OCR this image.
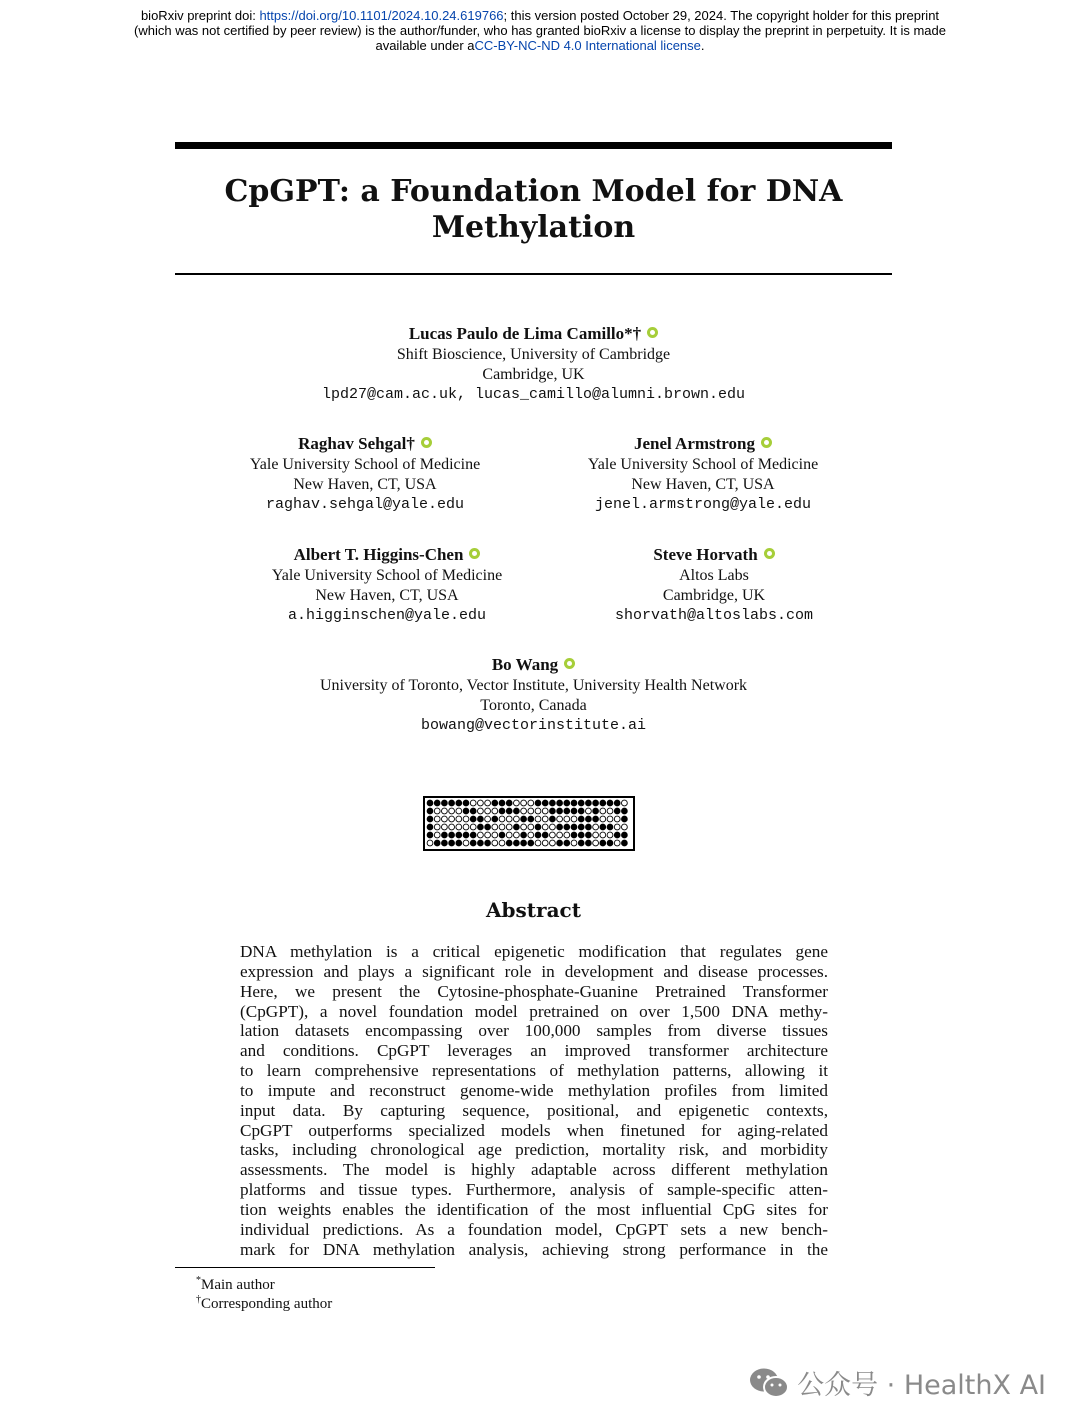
bioRxiv preprint doi: https://doi.org/10.1101/2024.10.24.619766; this version posted October 29, 2024. The copyright holder for this preprint
(which was not certified by peer review) is the author/funder, who has granted bioRxiv a license to display the preprint in perpetuity. It is made
available under aCC-BY-NC-ND 4.0 International license.
CpGPT: a Foundation Model for DNA
Methylation
Lucas Paulo de Lima Camillo*†
Shift Bioscience, University of Cambridge
Cambridge, UK
lpd27@cam.ac.uk, lucas_camillo@alumni.brown.edu
Raghav Sehgal†
Yale University School of Medicine
New Haven, CT, USA
raghav.sehgal@yale.edu
Jenel Armstrong
Yale University School of Medicine
New Haven, CT, USA
jenel.armstrong@yale.edu
Albert T. Higgins-Chen
Yale University School of Medicine
New Haven, CT, USA
a.higginschen@yale.edu
Steve Horvath
Altos Labs
Cambridge, UK
shorvath@altoslabs.com
Bo Wang
University of Toronto, Vector Institute, University Health Network
Toronto, Canada
bowang@vectorinstitute.ai
Abstract
DNA methylation is a critical epigenetic modification that regulates gene
expression and plays a significant role in development and disease processes.
Here, we present the Cytosine-phosphate-Guanine Pretrained Transformer
(CpGPT), a novel foundation model pretrained on over 1,500 DNA methy-
lation datasets encompassing over 100,000 samples from diverse tissues
and conditions. CpGPT leverages an improved transformer architecture
to learn comprehensive representations of methylation patterns, allowing it
to impute and reconstruct genome-wide methylation profiles from limited
input data. By capturing sequence, positional, and epigenetic contexts,
CpGPT outperforms specialized models when finetuned for aging-related
tasks, including chronological age prediction, mortality risk, and morbidity
assessments. The model is highly adaptable across different methylation
platforms and tissue types. Furthermore, analysis of sample-specific atten-
tion weights enables the identification of the most influential CpG sites for
individual predictions. As a foundation model, CpGPT sets a new bench-
mark for DNA methylation analysis, achieving strong performance in the
*Main author
†Corresponding author
公众号 · HealthX AI
